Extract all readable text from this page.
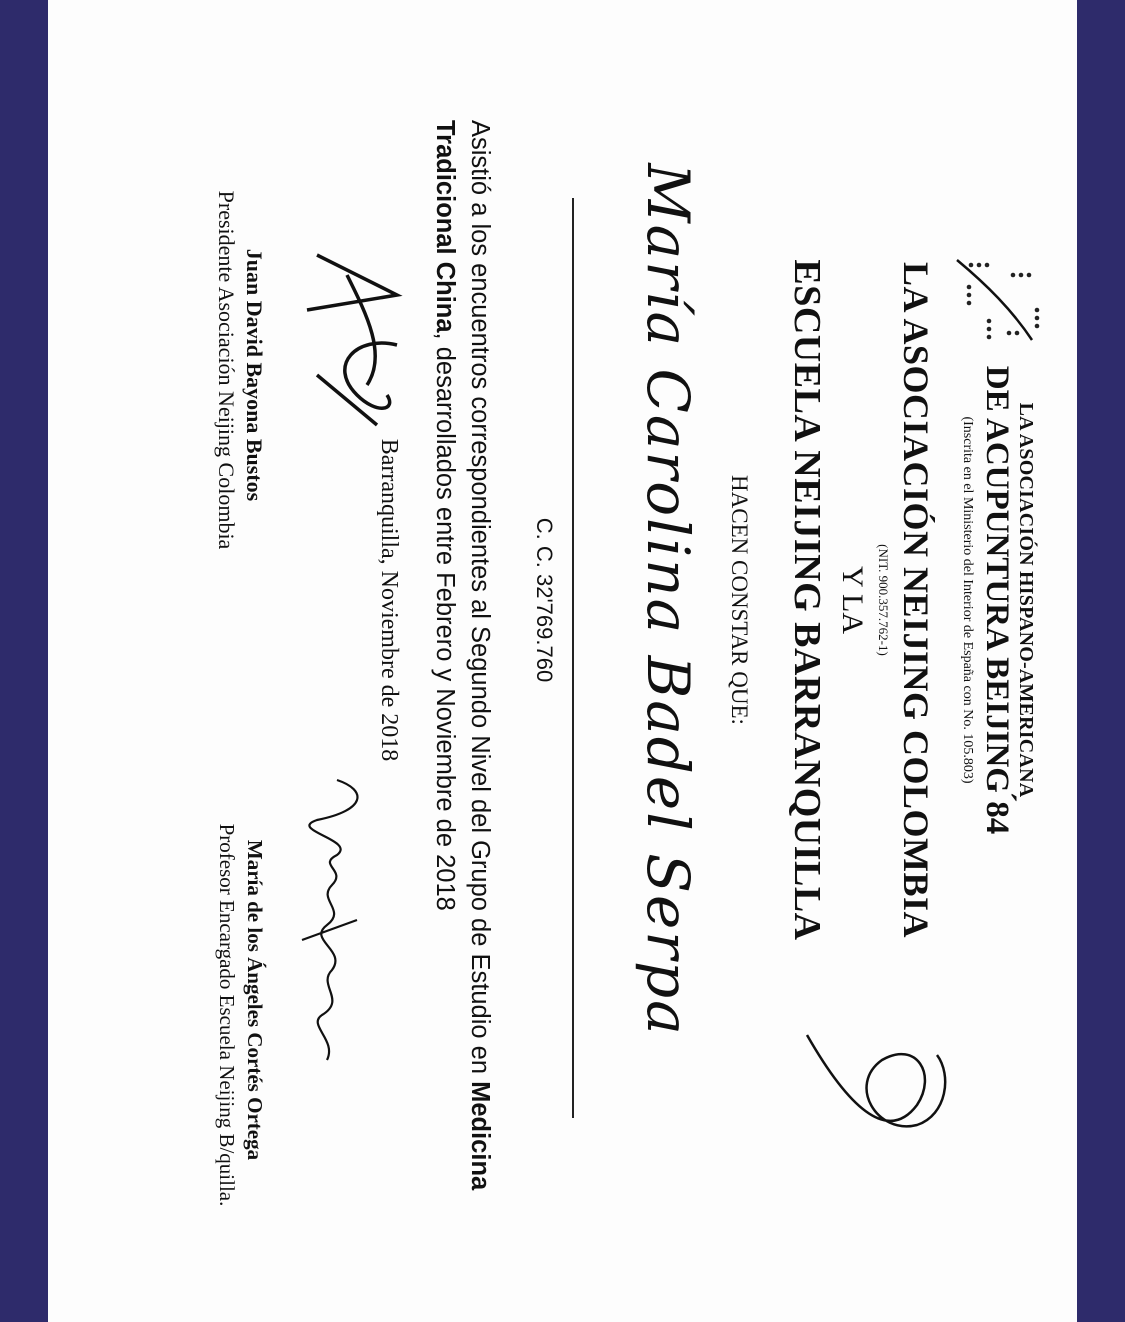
LA ASOCIACIÓN HISPANO-AMERICANA
DE ACUPUNTURA BEIJING ́84
(Inscrita en el Ministerio del Interior de España con No. 105.803)
LA ASOCIACIÓN NEIJING COLOMBIA
(NIT. 900.357.762-1)
Y LA
ESCUELA NEIJING BARRANQUILLA
HACEN CONSTAR QUE:
María Carolina Badel Serpa
C. C. 32'769.760
Asistió a los encuentros correspondientes al Segundo Nivel del Grupo de Estudio en Medicina Tradicional China, desarrollados entre Febrero y Noviembre de 2018
Barranquilla, Noviembre de 2018
Juan David Bayona Bustos
Presidente Asociación Neijing Colombia
María de los Ángeles Cortés Ortega
Profesor Encargado Escuela Neijing B/quilla.
